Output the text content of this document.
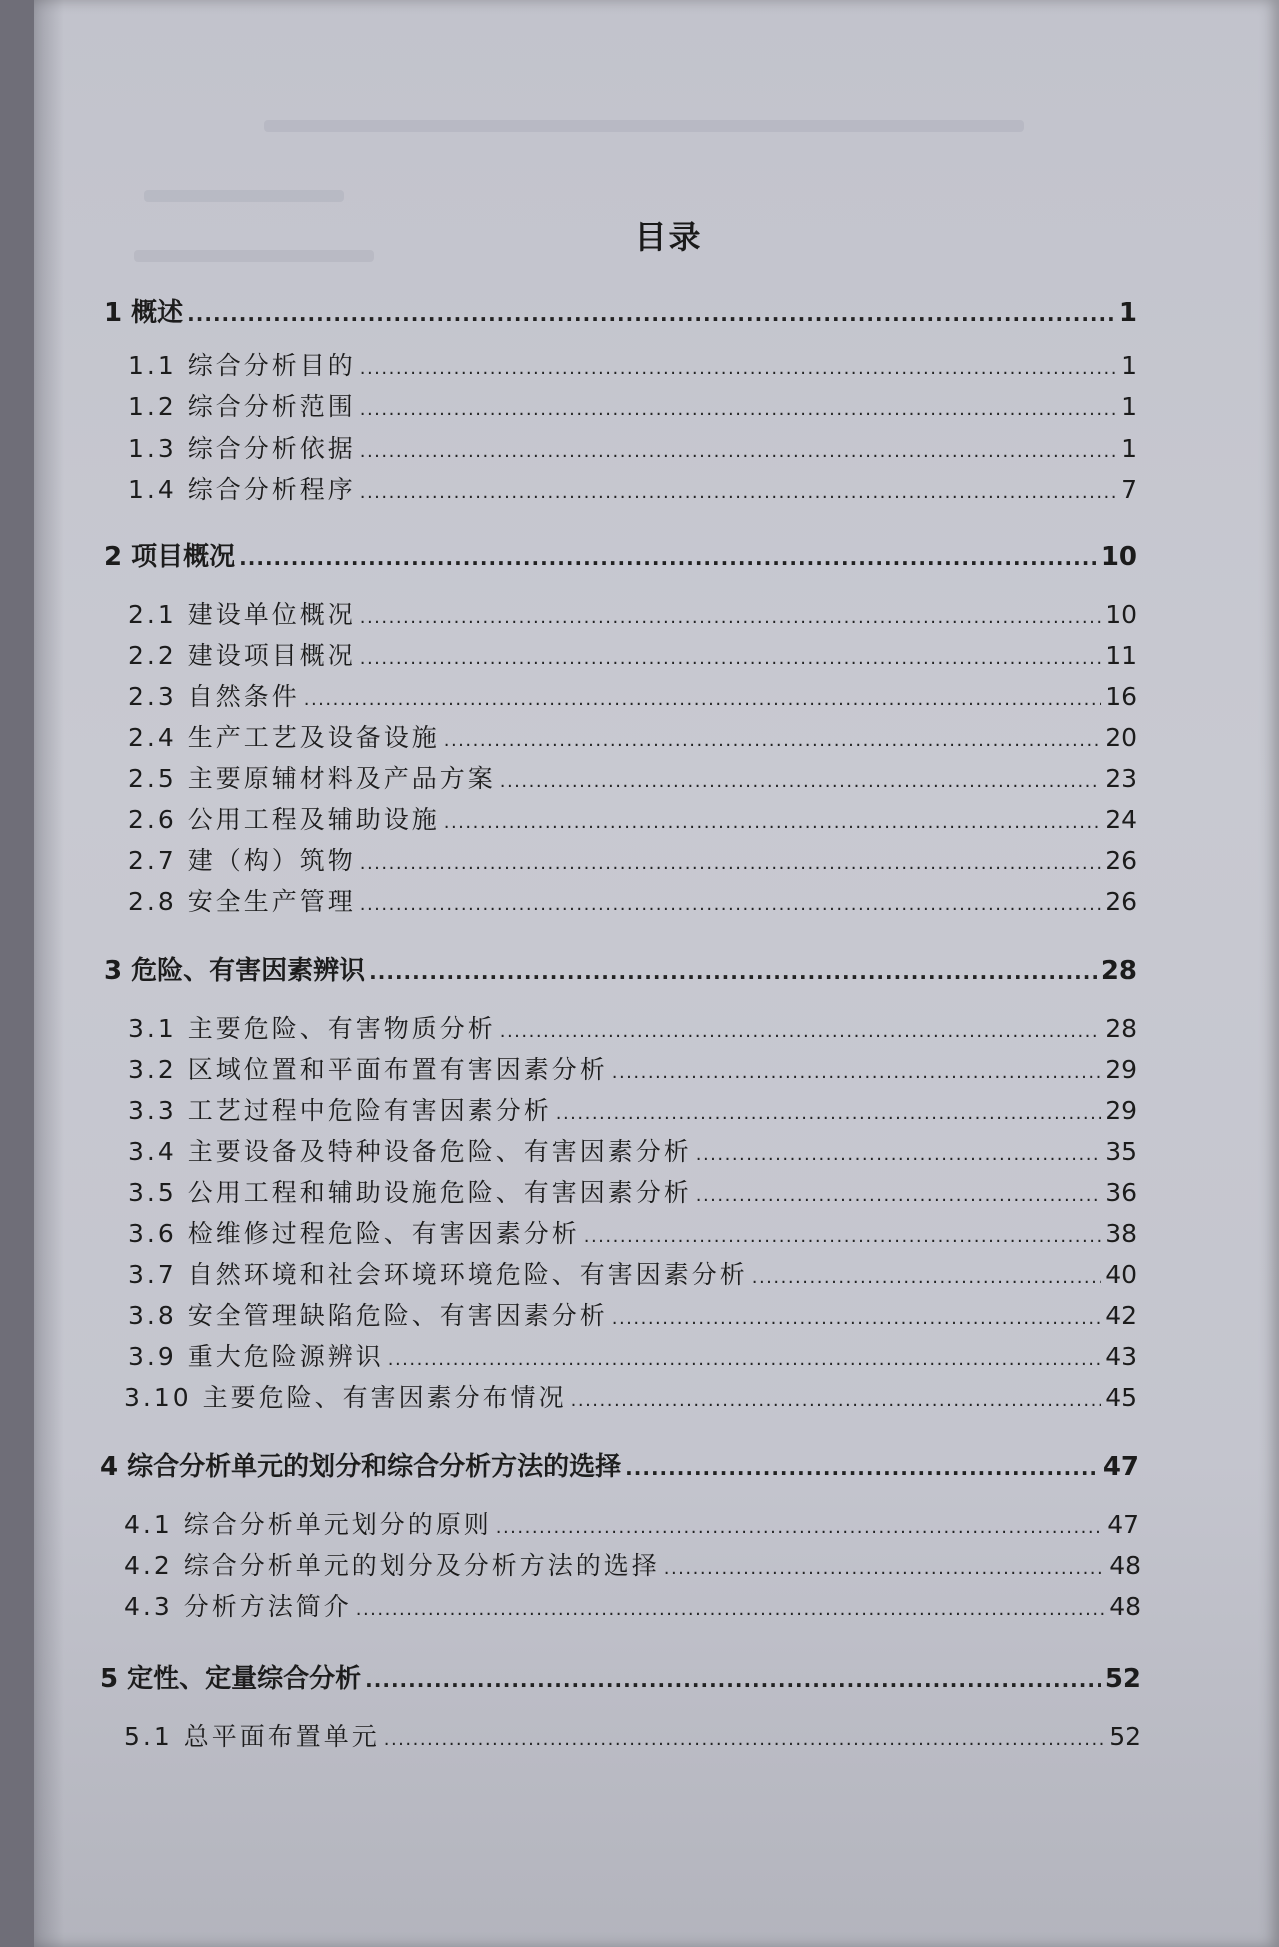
目录
1 概述 .....	1
1.1 综合分析目的 .....	1
1.2 综合分析范围 .....	1
1.3 综合分析依据 .....	1
1.4 综合分析程序 .....	7
2 项目概况 .....	10
2.1 建设单位概况 .....	10
2.2 建设项目概况 .....	11
2.3 自然条件 .....	16
2.4 生产工艺及设备设施 .....	20
2.5 主要原辅材料及产品方案 .....	23
2.6 公用工程及辅助设施 .....	24
2.7 建（构）筑物 .....	26
2.8 安全生产管理 .....	26
3 危险、有害因素辨识 .....	28
3.1 主要危险、有害物质分析 .....	28
3.2 区域位置和平面布置有害因素分析 .....	29
3.3 工艺过程中危险有害因素分析 .....	29
3.4 主要设备及特种设备危险、有害因素分析 .....	35
3.5 公用工程和辅助设施危险、有害因素分析 .....	36
3.6 检维修过程危险、有害因素分析 .....	38
3.7 自然环境和社会环境环境危险、有害因素分析 .....	40
3.8 安全管理缺陷危险、有害因素分析 .....	42
3.9 重大危险源辨识 .....	43
3.10 主要危险、有害因素分布情况 .....	45
4 综合分析单元的划分和综合分析方法的选择 .....	47
4.1 综合分析单元划分的原则 .....	47
4.2 综合分析单元的划分及分析方法的选择 .....	48
4.3 分析方法简介 .....	48
5 定性、定量综合分析 .....	52
5.1 总平面布置单元 .....	52
